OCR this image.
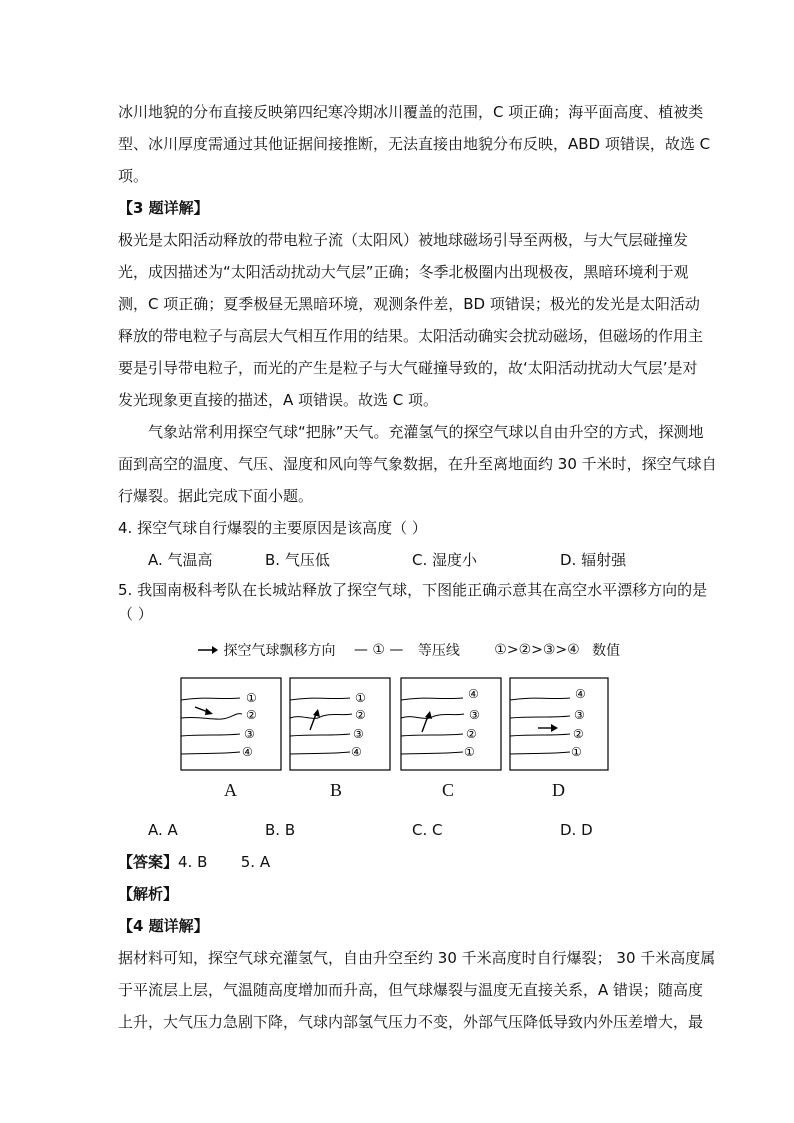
冰川地貌的分布直接反映第四纪寒冷期冰川覆盖的范围，C 项正确；海平面高度、植被类
型、冰川厚度需通过其他证据间接推断，无法直接由地貌分布反映，ABD 项错误，故选 C
项。
【3 题详解】
极光是太阳活动释放的带电粒子流（太阳风）被地球磁场引导至两极，与大气层碰撞发
光，成因描述为“太阳活动扰动大气层”正确；冬季北极圈内出现极夜，黑暗环境利于观
测，C 项正确；夏季极昼无黑暗环境，观测条件差，BD 项错误；极光的发光是太阳活动
释放的带电粒子与高层大气相互作用的结果。太阳活动确实会扰动磁场，但磁场的作用主
要是引导带电粒子，而光的产生是粒子与大气碰撞导致的，故‘太阳活动扰动大气层’是对
发光现象更直接的描述，A 项错误。故选 C 项。
气象站常利用探空气球“把脉”天气。充灌氢气的探空气球以自由升空的方式，探测地
面到高空的温度、气压、湿度和风向等气象数据，在升至离地面约 30 千米时，探空气球自
行爆裂。据此完成下面小题。
4. 探空气球自行爆裂的主要原因是该高度（ ）
A. 气温高	B. 气压低	C. 湿度小	D. 辐射强
5. 我国南极科考队在长城站释放了探空气球，下图能正确示意其在高空水平漂移方向的是
（ ）
探空气球飘移方向 — ① — 等压线 ①>②>③>④ 数值
①
②
③
④
①
②
③
④
④
③
②
①
④
③
②
①
A	B	C	D
A. A	B. B	C. C	D. D
【答案】4. B       5. A
【解析】
【4 题详解】
据材料可知，探空气球充灌氢气，自由升空至约 30 千米高度时自行爆裂； 30 千米高度属
于平流层上层，气温随高度增加而升高，但气球爆裂与温度无直接关系，A 错误；随高度
上升，大气压力急剧下降，气球内部氢气压力不变，外部气压降低导致内外压差增大，最
